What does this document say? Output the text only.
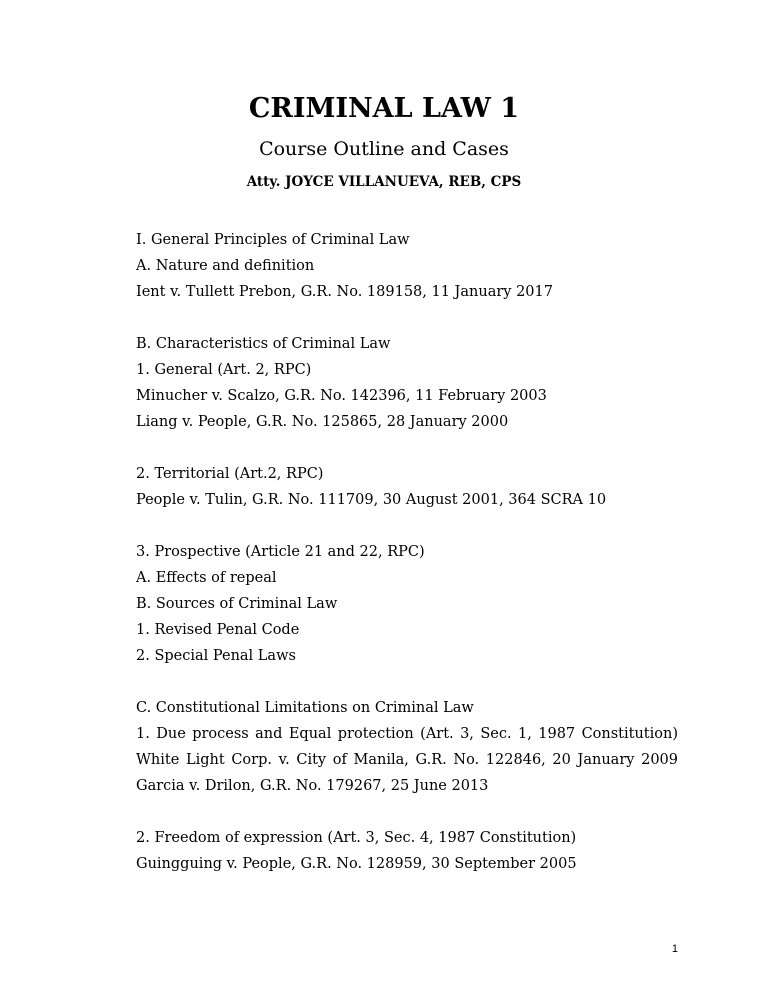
CRIMINAL LAW 1
Course Outline and Cases
Atty. JOYCE VILLANUEVA, REB, CPS
I. General Principles of Criminal Law
A. Nature and definition
Ient v. Tullett Prebon, G.R. No. 189158, 11 January 2017
B. Characteristics of Criminal Law
1. General (Art. 2, RPC)
Minucher v. Scalzo, G.R. No. 142396, 11 February 2003
Liang v. People, G.R. No. 125865, 28 January 2000
2. Territorial (Art.2, RPC)
People v. Tulin, G.R. No. 111709, 30 August 2001, 364 SCRA 10
3. Prospective (Article 21 and 22, RPC)
A. Effects of repeal
B. Sources of Criminal Law
1. Revised Penal Code
2. Special Penal Laws
C. Constitutional Limitations on Criminal Law
1. Due process and Equal protection (Art. 3, Sec. 1, 1987 Constitution)
White Light Corp. v. City of Manila, G.R. No. 122846, 20 January 2009
Garcia v. Drilon, G.R. No. 179267, 25 June 2013
2. Freedom of expression (Art. 3, Sec. 4, 1987 Constitution)
Guingguing v. People, G.R. No. 128959, 30 September 2005
1
